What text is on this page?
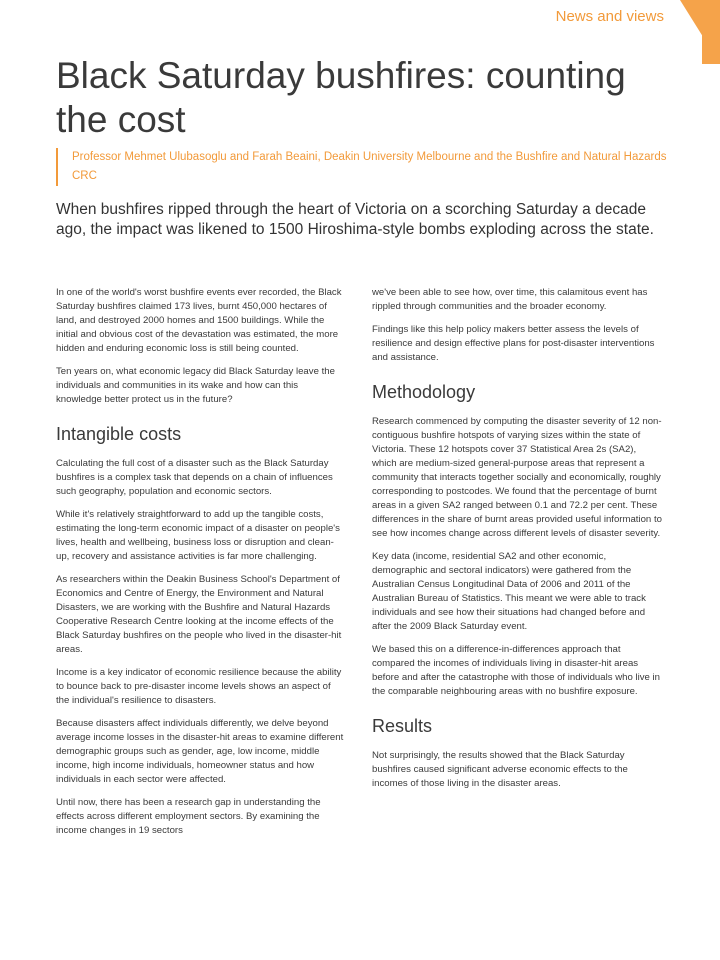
News and views
Black Saturday bushfires: counting the cost
Professor Mehmet Ulubasoglu and Farah Beaini, Deakin University Melbourne and the Bushfire and Natural Hazards CRC

When bushfires ripped through the heart of Victoria on a scorching Saturday a decade ago, the impact was likened to 1500 Hiroshima-style bombs exploding across the state.

In one of the world's worst bushfire events ever recorded, the Black Saturday bushfires claimed 173 lives, burnt 450,000 hectares of land, and destroyed 2000 homes and 1500 buildings. While the initial and obvious cost of the devastation was estimated, the more hidden and enduring economic loss is still being counted.

Ten years on, what economic legacy did Black Saturday leave the individuals and communities in its wake and how can this knowledge better protect us in the future?

Intangible costs

Calculating the full cost of a disaster such as the Black Saturday bushfires is a complex task that depends on a chain of influences such geography, population and economic sectors.

While it's relatively straightforward to add up the tangible costs, estimating the long-term economic impact of a disaster on people's lives, health and wellbeing, business loss or disruption and clean-up, recovery and assistance activities is far more challenging.

As researchers within the Deakin Business School's Department of Economics and Centre of Energy, the Environment and Natural Disasters, we are working with the Bushfire and Natural Hazards Cooperative Research Centre looking at the income effects of the Black Saturday bushfires on the people who lived in the disaster-hit areas.

Income is a key indicator of economic resilience because the ability to bounce back to pre-disaster income levels shows an aspect of the individual's resilience to disasters.

Because disasters affect individuals differently, we delve beyond average income losses in the disaster-hit areas to examine different demographic groups such as gender, age, low income, middle income, high income individuals, homeowner status and how individuals in each sector were affected.

Until now, there has been a research gap in understanding the effects across different employment sectors. By examining the income changes in 19 sectors

we've been able to see how, over time, this calamitous event has rippled through communities and the broader economy.

Findings like this help policy makers better assess the levels of resilience and design effective plans for post-disaster interventions and assistance.

Methodology

Research commenced by computing the disaster severity of 12 non-contiguous bushfire hotspots of varying sizes within the state of Victoria. These 12 hotspots cover 37 Statistical Area 2s (SA2), which are medium-sized general-purpose areas that represent a community that interacts together socially and economically, roughly corresponding to postcodes. We found that the percentage of burnt areas in a given SA2 ranged between 0.1 and 72.2 per cent. These differences in the share of burnt areas provided useful information to see how incomes change across different levels of disaster severity.

Key data (income, residential SA2 and other economic, demographic and sectoral indicators) were gathered from the Australian Census Longitudinal Data of 2006 and 2011 of the Australian Bureau of Statistics. This meant we were able to track individuals and see how their situations had changed before and after the 2009 Black Saturday event.

We based this on a difference-in-differences approach that compared the incomes of individuals living in disaster-hit areas before and after the catastrophe with those of individuals who live in the comparable neighbouring areas with no bushfire exposure.

Results

Not surprisingly, the results showed that the Black Saturday bushfires caused significant adverse economic effects to the incomes of those living in the disaster areas.
